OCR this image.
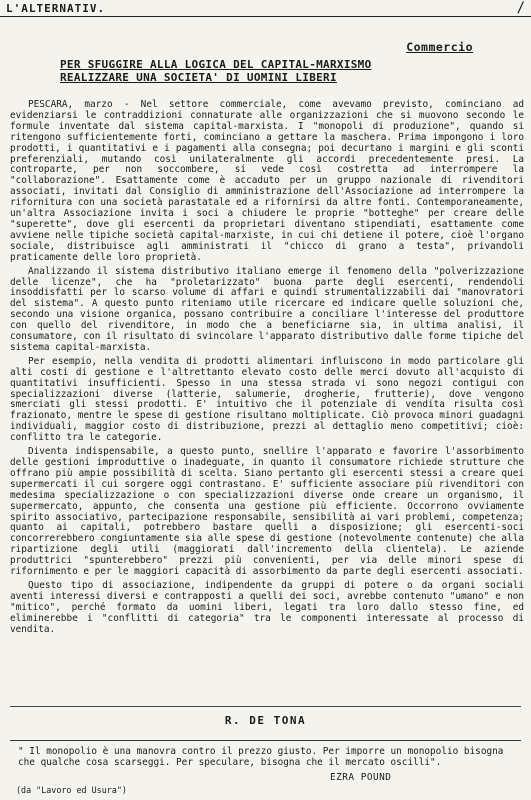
L'ALTERNATIV.	/
Commercio
PER SFUGGIRE ALLA LOGICA DEL CAPITAL-MARXISMO
REALIZZARE UNA SOCIETA' DI UOMINI LIBERI

PESCARA, marzo - Nel settore commerciale, come avevamo previsto, cominciano ad evidenziarsi le contraddizioni connaturate alle organizzazioni che si muovono secondo le formule inventate dal sistema capital-marxista. I "monopoli di produzione", quando si ritengono sufficientemente forti, cominciano a gettare la maschera. Prima impongono i loro prodotti, i quantitativi e i pagamenti alla consegna; poi decurtano i margini e gli sconti preferenziali, mutando così unilateralmente gli accordi precedentemente presi. La controparte, per non soccombere, si vede così costretta ad interrompere la "collaborazione". Esattamente come è accaduto per un gruppo nazionale di rivenditori associati, invitati dal Consiglio di amministrazione dell'Associazione ad interrompere la rifornitura con una società parastatale ed a rifornirsi da altre fonti. Contemporaneamente, un'altra Associazione invita i soci a chiudere le proprie "botteghe" per creare delle "superette", dove gli esercenti da proprietari diventano stipendiati, esattamente come avviene nelle tipiche società capital-marxiste, in cui chi detiene il potere, cioè l'organo sociale, distribuisce agli amministrati il "chicco di grano a testa", privandoli praticamente delle loro proprietà.

Analizzando il sistema distributivo italiano emerge il fenomeno della "polverizzazione delle licenze", che ha "proletarizzato" buona parte degli esercenti, rendendoli insoddisfatti per lo scarso volume di affari e quindi strumentalizzabili dai "manovratori del sistema". A questo punto riteniamo utile ricercare ed indicare quelle soluzioni che, secondo una visione organica, possano contribuire a conciliare l'interesse del produttore con quello del rivenditore, in modo che a beneficiarne sia, in ultima analisi, il consumatore, con il risultato di svincolare l'apparato distributivo dalle forme tipiche del sistema capital-marxista.

Per esempio, nella vendita di prodotti alimentari influiscono in modo particolare gli alti costi di gestione e l'altrettanto elevato costo delle merci dovuto all'acquisto di quantitativi insufficienti. Spesso in una stessa strada vi sono negozi contigui con specializzazioni diverse (latterie, salumerie, drogherie, frutterie), dove vengono smerciati gli stessi prodotti. E' intuitivo che il potenziale di vendita risulta così frazionato, mentre le spese di gestione risultano moltiplicate. Ciò provoca minori guadagni individuali, maggior costo di distribuzione, prezzi al dettaglio meno competitivi; cioè: conflitto tra le categorie.

Diventa indispensabile, a questo punto, snellire l'apparato e favorire l'assorbimento delle gestioni improduttive o inadeguate, in quanto il consumatore richiede strutture che offrano più ampie possibilità di scelta. Siano pertanto gli esercenti stessi a creare quei supermercati il cui sorgere oggi contrastano. E' sufficiente associare più rivenditori con medesima specializzazione o con specializzazioni diverse onde creare un organismo, il supermercato, appunto, che consenta una gestione più efficiente. Occorrono ovviamente spirito associativo, partecipazione responsabile, sensibilità ai vari problemi, competenza; quanto ai capitali, potrebbero bastare quelli a disposizione; gli esercenti-soci concorrerebbero congiuntamente sia alle spese di gestione (notevolmente contenute) che alla ripartizione degli utili (maggiorati dall'incremento della clientela). Le aziende produttrici "spunterebbero" prezzi più convenienti, per via delle minori spese di rifornimento e per le maggiori capacità di assorbimento da parte degli esercenti associati.

Questo tipo di associazione, indipendente da gruppi di potere o da organi sociali aventi interessi diversi e contrapposti a quelli dei soci, avrebbe contenuto "umano" e non "mitico", perché formato da uomini liberi, legati tra loro dallo stesso fine, ed eliminerebbe i "conflitti di categoria" tra le componenti interessate al processo di vendita.

R. DE TONA
" Il monopolio è una manovra contro il prezzo giusto. Per imporre un monopolio bisogna che qualche cosa scarseggi. Per speculare, bisogna che il mercato oscilli".
EZRA POUND
(da "Lavoro ed Usura")
